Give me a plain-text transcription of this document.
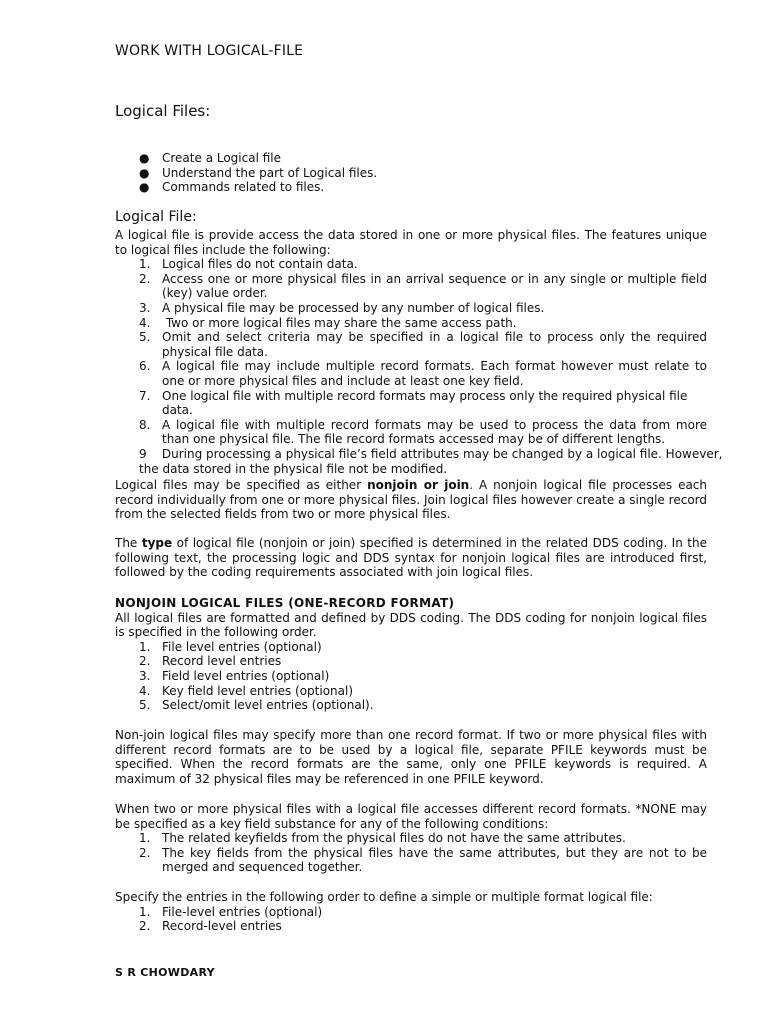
WORK WITH LOGICAL-FILE
Logical Files:
● Create a Logical file
● Understand the part of Logical files.
● Commands related to files.
Logical File:

A logical file is provide access the data stored in one or more physical files. The features unique to logical files include the following:

1. Logical files do not contain data.
2. Access one or more physical files in an arrival sequence or in any single or multiple field (key) value order.
3. A physical file may be processed by any number of logical files.
4. Two or more logical files may share the same access path.
5. Omit and select criteria may be specified in a logical file to process only the required physical file data.
6. A logical file may include multiple record formats. Each format however must relate to one or more physical files and include at least one key field.
7. One logical file with multiple record formats may process only the required physical file data.
8. A logical file with multiple record formats may be used to process the data from more than one physical file. The file record formats accessed may be of different lengths.

9    During processing a physical file’s field attributes may be changed by a logical file. However,

the data stored in the physical file not be modified.

Logical files may be specified as either nonjoin or join. A nonjoin logical file processes each record individually from one or more physical files. Join logical files however create a single record from the selected fields from two or more physical files.

The type of logical file (nonjoin or join) specified is determined in the related DDS coding. In the following text, the processing logic and DDS syntax for nonjoin logical files are introduced first, followed by the coding requirements associated with join logical files.

NONJOIN LOGICAL FILES (ONE-RECORD FORMAT)

All logical files are formatted and defined by DDS coding. The DDS coding for nonjoin logical files is specified in the following order.

1. File level entries (optional)
2. Record level entries
3. Field level entries (optional)
4. Key field level entries (optional)
5. Select/omit level entries (optional).

Non-join logical files may specify more than one record format. If two or more physical files with different record formats are to be used by a logical file, separate PFILE keywords must be specified. When the record formats are the same, only one PFILE keywords is required. A maximum of 32 physical files may be referenced in one PFILE keyword.

When two or more physical files with a logical file accesses different record formats. *NONE may be specified as a key field substance for any of the following conditions:

1. The related keyfields from the physical files do not have the same attributes.
2. The key fields from the physical files have the same attributes, but they are not to be merged and sequenced together.

Specify the entries in the following order to define a simple or multiple format logical file:

1. File-level entries (optional)
2. Record-level entries
S R CHOWDARY
